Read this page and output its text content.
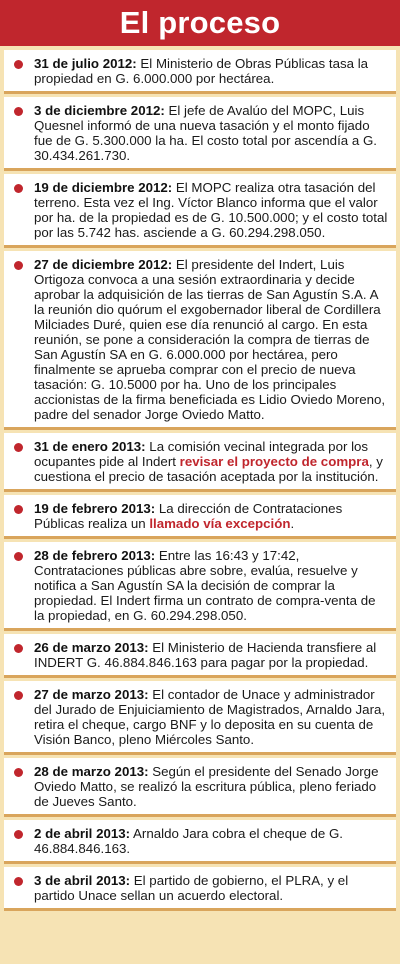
El proceso
31 de julio 2012: El Ministerio de Obras Públicas tasa la propiedad en G. 6.000.000 por hectárea.
3 de diciembre 2012: El jefe de Avalúo del MOPC, Luis Quesnel informó de una nueva tasación y el monto fijado fue de G. 5.300.000 la ha. El costo total por ascendía a G. 30.434.261.730.
19 de diciembre 2012: El MOPC realiza otra tasación del terreno. Esta vez el Ing. Víctor Blanco informa que el valor por ha. de la propiedad es de G. 10.500.000; y el costo total por las 5.742 has. asciende a G. 60.294.298.050.
27 de diciembre 2012: El presidente del Indert, Luis Ortigoza convoca a una sesión extraordinaria y decide aprobar la adquisición de las tierras de San Agustín S.A. A la reunión dio quórum el exgobernador liberal de Cordillera Milciades Duré, quien ese día renunció al cargo. En esta reunión, se pone a consideración la compra de tierras de San Agustín SA en G. 6.000.000 por hectárea, pero finalmente se aprueba comprar con el precio de nueva tasación: G. 10.5000 por ha. Uno de los principales accionistas de la firma beneficiada es Lidio Oviedo Moreno, padre del senador Jorge Oviedo Matto.
31 de enero 2013: La comisión vecinal integrada por los ocupantes pide al Indert revisar el proyecto de compra, y cuestiona el precio de tasación aceptada por la institución.
19 de febrero 2013: La dirección de Contrataciones Públicas realiza un llamado vía excepción.
28 de febrero 2013: Entre las 16:43 y 17:42, Contrataciones públicas abre sobre, evalúa, resuelve y notifica a San Agustín SA la decisión de comprar la propiedad. El Indert firma un contrato de compra-venta de la propiedad, en G. 60.294.298.050.
26 de marzo 2013: El Ministerio de Hacienda transfiere al INDERT G. 46.884.846.163 para pagar por la propiedad.
27 de marzo 2013: El contador de Unace y administrador del Jurado de Enjuiciamiento de Magistrados, Arnaldo Jara, retira el cheque, cargo BNF y lo deposita en su cuenta de Visión Banco, pleno Miércoles Santo.
28 de marzo 2013: Según el presidente del Senado Jorge Oviedo Matto, se realizó la escritura pública, pleno feriado de Jueves Santo.
2 de abril 2013: Arnaldo Jara cobra el cheque de G. 46.884.846.163.
3 de abril 2013: El partido de gobierno, el PLRA, y el partido Unace sellan un acuerdo electoral.
